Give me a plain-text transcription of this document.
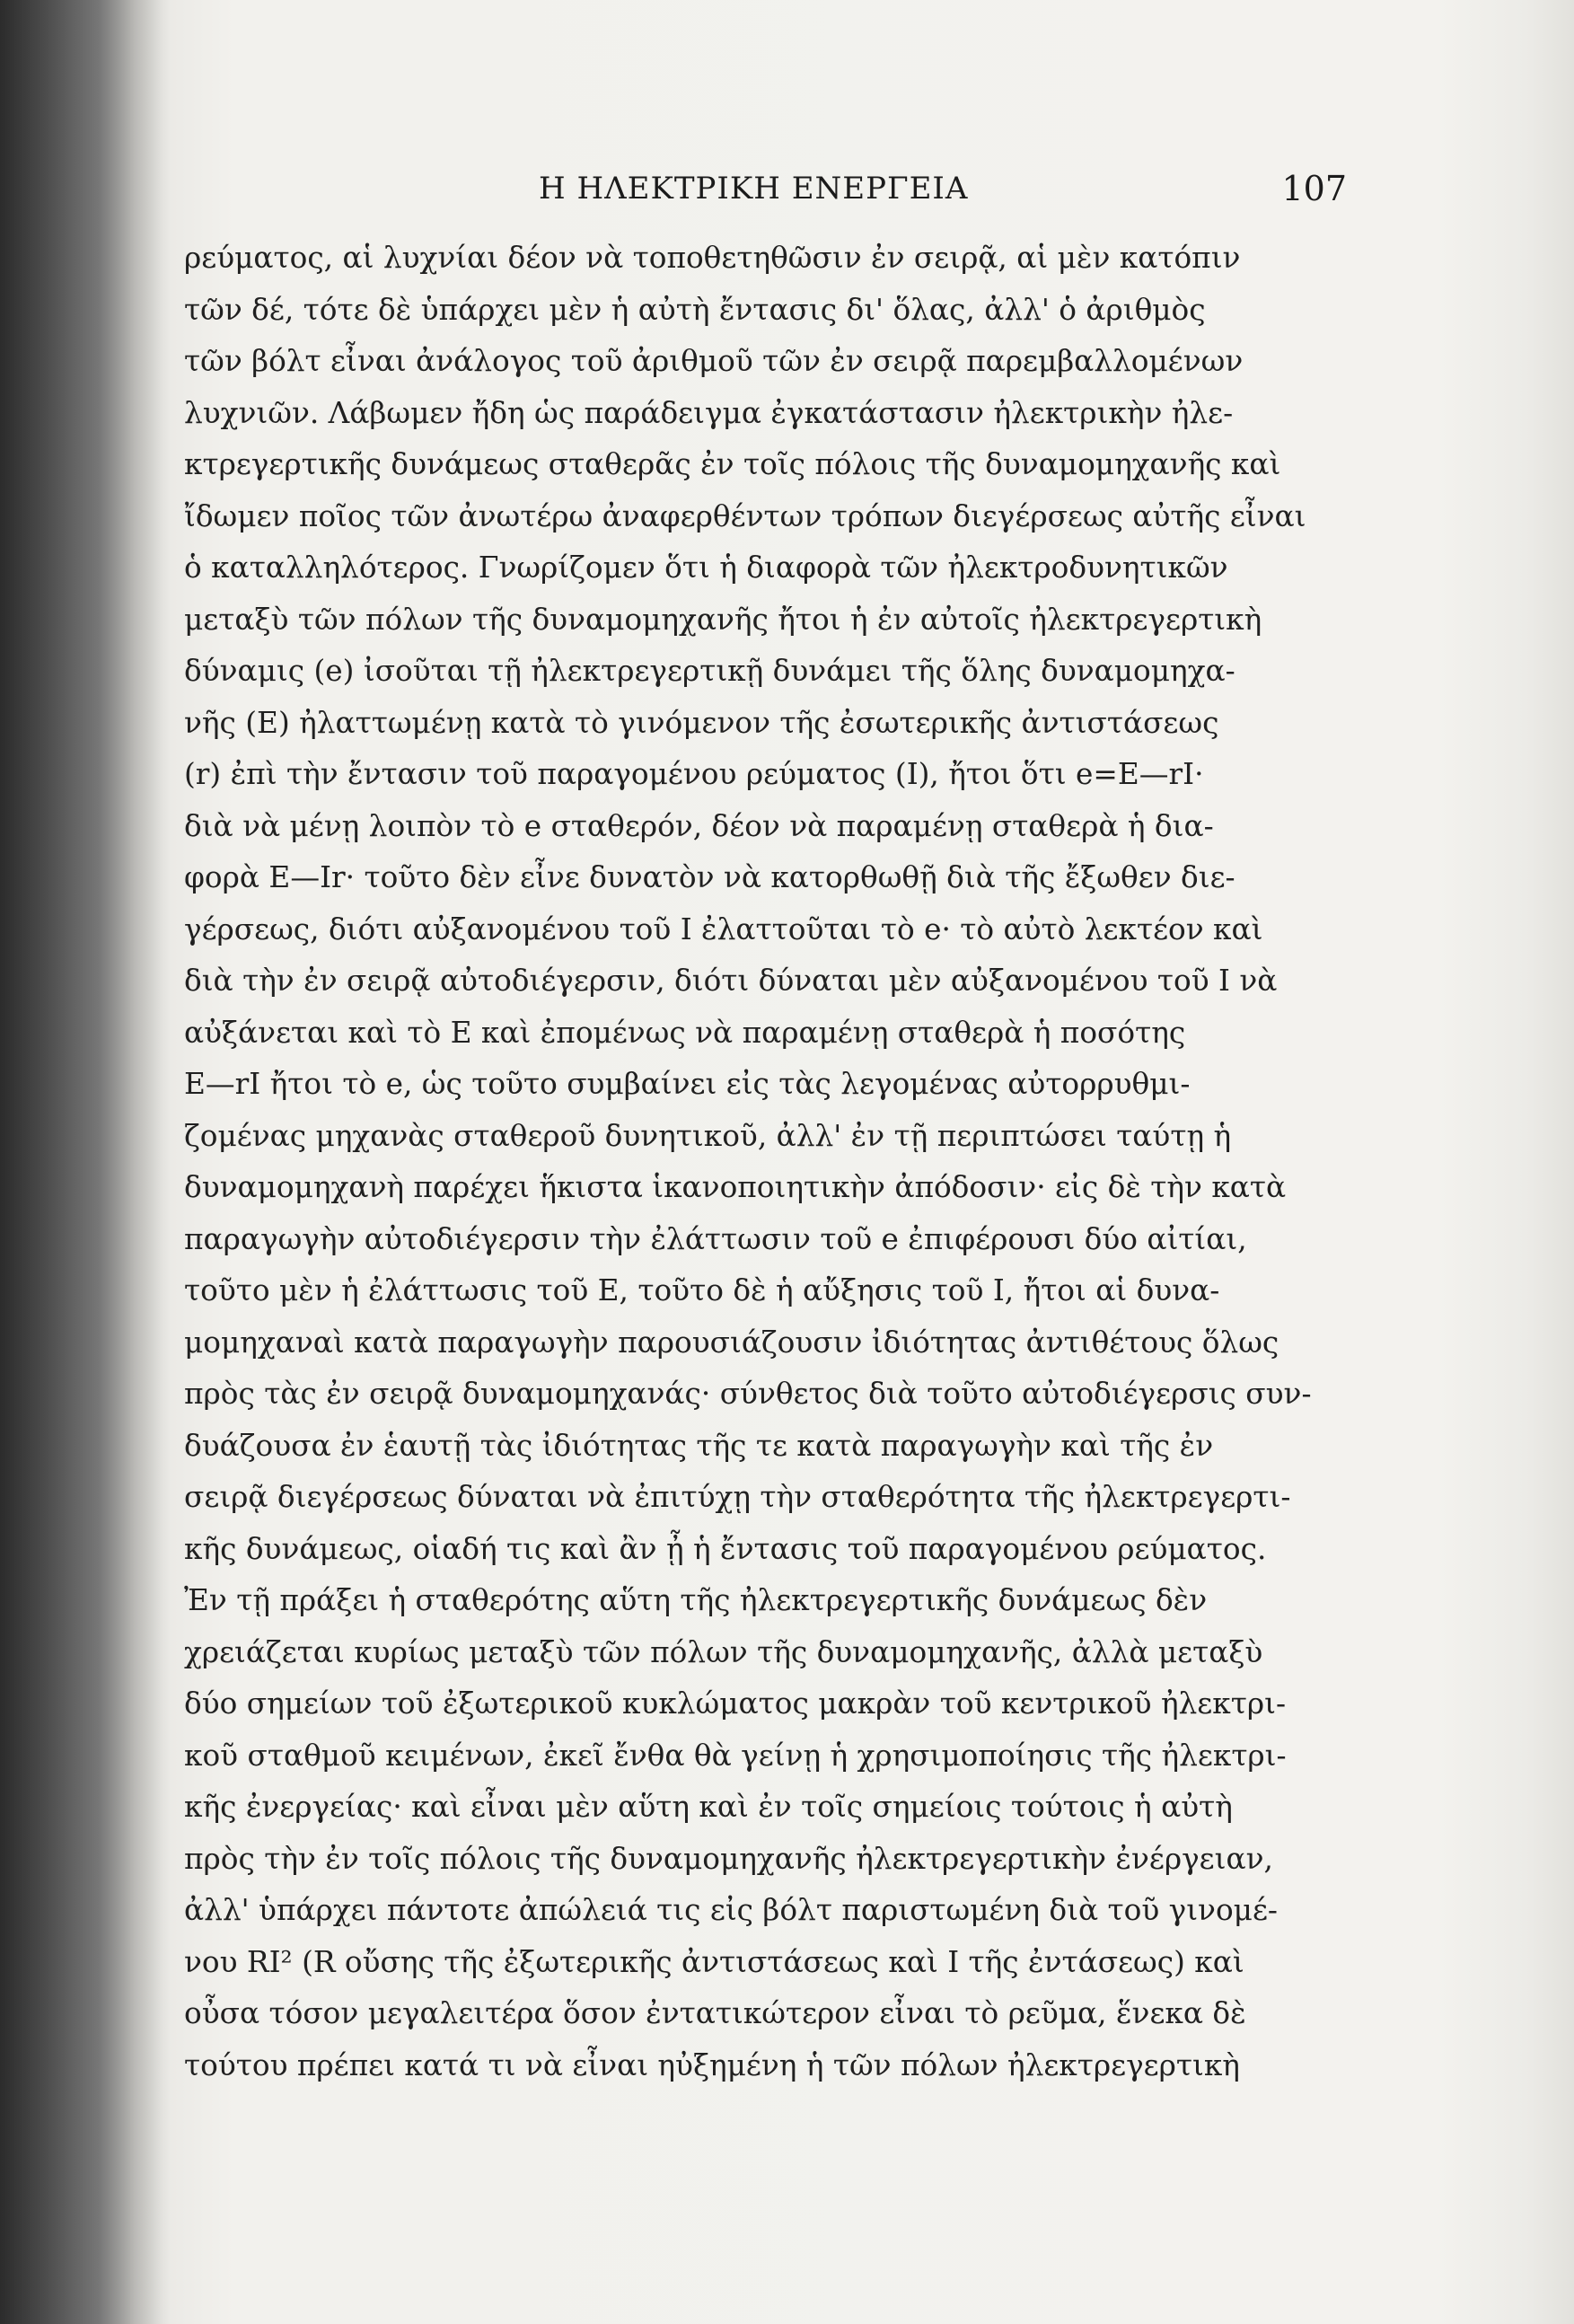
Η ΗΛΕΚΤΡΙΚΗ ΕΝΕΡΓΕΙΑ	107
ρεύματος, αἱ λυχνίαι δέον νὰ τοποθετηθῶσιν ἐν σειρᾷ, αἱ μὲν κατόπιν
τῶν δέ, τότε δὲ ὑπάρχει μὲν ἡ αὐτὴ ἔντασις δι' ὅλας, ἀλλ' ὁ ἀριθμὸς
τῶν βόλτ εἶναι ἀνάλογος τοῦ ἀριθμοῦ τῶν ἐν σειρᾷ παρεμβαλλομένων
λυχνιῶν. Λάβωμεν ἤδη ὡς παράδειγμα ἐγκατάστασιν ἠλεκτρικὴν ἠλε-
κτρεγερτικῆς δυνάμεως σταθερᾶς ἐν τοῖς πόλοις τῆς δυναμομηχανῆς καὶ
ἴδωμεν ποῖος τῶν ἀνωτέρω ἀναφερθέντων τρόπων διεγέρσεως αὐτῆς εἶναι
ὁ καταλληλότερος. Γνωρίζομεν ὅτι ἡ διαφορὰ τῶν ἠλεκτροδυνητικῶν
μεταξὺ τῶν πόλων τῆς δυναμομηχανῆς ἤτοι ἡ ἐν αὐτοῖς ἠλεκτρεγερτικὴ
δύναμις (e) ἰσοῦται τῇ ἠλεκτρεγερτικῇ δυνάμει τῆς ὅλης δυναμομηχα-
νῆς (E) ἠλαττωμένῃ κατὰ τὸ γινόμενον τῆς ἐσωτερικῆς ἀντιστάσεως
(r) ἐπὶ τὴν ἔντασιν τοῦ παραγομένου ρεύματος (I), ἤτοι ὅτι e=E—rI·
διὰ νὰ μένῃ λοιπὸν τὸ e σταθερόν, δέον νὰ παραμένῃ σταθερὰ ἡ δια-
φορὰ E—Ir· τοῦτο δὲν εἶνε δυνατὸν νὰ κατορθωθῇ διὰ τῆς ἔξωθεν διε-
γέρσεως, διότι αὐξανομένου τοῦ I ἐλαττοῦται τὸ e· τὸ αὐτὸ λεκτέον καὶ
διὰ τὴν ἐν σειρᾷ αὐτοδιέγερσιν, διότι δύναται μὲν αὐξανομένου τοῦ I νὰ
αὐξάνεται καὶ τὸ E καὶ ἐπομένως νὰ παραμένῃ σταθερὰ ἡ ποσότης
E—rI ἤτοι τὸ e, ὡς τοῦτο συμβαίνει εἰς τὰς λεγομένας αὐτορρυθμι-
ζομένας μηχανὰς σταθεροῦ δυνητικοῦ, ἀλλ' ἐν τῇ περιπτώσει ταύτῃ ἡ
δυναμομηχανὴ παρέχει ἥκιστα ἱκανοποιητικὴν ἀπόδοσιν· εἰς δὲ τὴν κατὰ
παραγωγὴν αὐτοδιέγερσιν τὴν ἐλάττωσιν τοῦ e ἐπιφέρουσι δύο αἰτίαι,
τοῦτο μὲν ἡ ἐλάττωσις τοῦ E, τοῦτο δὲ ἡ αὔξησις τοῦ I, ἤτοι αἱ δυνα-
μομηχαναὶ κατὰ παραγωγὴν παρουσιάζουσιν ἰδιότητας ἀντιθέτους ὅλως
πρὸς τὰς ἐν σειρᾷ δυναμομηχανάς· σύνθετος διὰ τοῦτο αὐτοδιέγερσις συν-
δυάζουσα ἐν ἑαυτῇ τὰς ἰδιότητας τῆς τε κατὰ παραγωγὴν καὶ τῆς ἐν
σειρᾷ διεγέρσεως δύναται νὰ ἐπιτύχῃ τὴν σταθερότητα τῆς ἠλεκτρεγερτι-
κῆς δυνάμεως, οἱαδή τις καὶ ἂν ᾖ ἡ ἔντασις τοῦ παραγομένου ρεύματος.
Ἐν τῇ πράξει ἡ σταθερότης αὕτη τῆς ἠλεκτρεγερτικῆς δυνάμεως δὲν
χρειάζεται κυρίως μεταξὺ τῶν πόλων τῆς δυναμομηχανῆς, ἀλλὰ μεταξὺ
δύο σημείων τοῦ ἐξωτερικοῦ κυκλώματος μακρὰν τοῦ κεντρικοῦ ἠλεκτρι-
κοῦ σταθμοῦ κειμένων, ἐκεῖ ἔνθα θὰ γείνῃ ἡ χρησιμοποίησις τῆς ἠλεκτρι-
κῆς ἐνεργείας· καὶ εἶναι μὲν αὕτη καὶ ἐν τοῖς σημείοις τούτοις ἡ αὐτὴ
πρὸς τὴν ἐν τοῖς πόλοις τῆς δυναμομηχανῆς ἠλεκτρεγερτικὴν ἐνέργειαν,
ἀλλ' ὑπάρχει πάντοτε ἀπώλειά τις εἰς βόλτ παριστωμένη διὰ τοῦ γινομέ-
νου RI² (R οὔσης τῆς ἐξωτερικῆς ἀντιστάσεως καὶ I τῆς ἐντάσεως) καὶ
οὖσα τόσον μεγαλειτέρα ὅσον ἐντατικώτερον εἶναι τὸ ρεῦμα, ἕνεκα δὲ
τούτου πρέπει κατά τι νὰ εἶναι ηὐξημένη ἡ τῶν πόλων ἠλεκτρεγερτικὴ
